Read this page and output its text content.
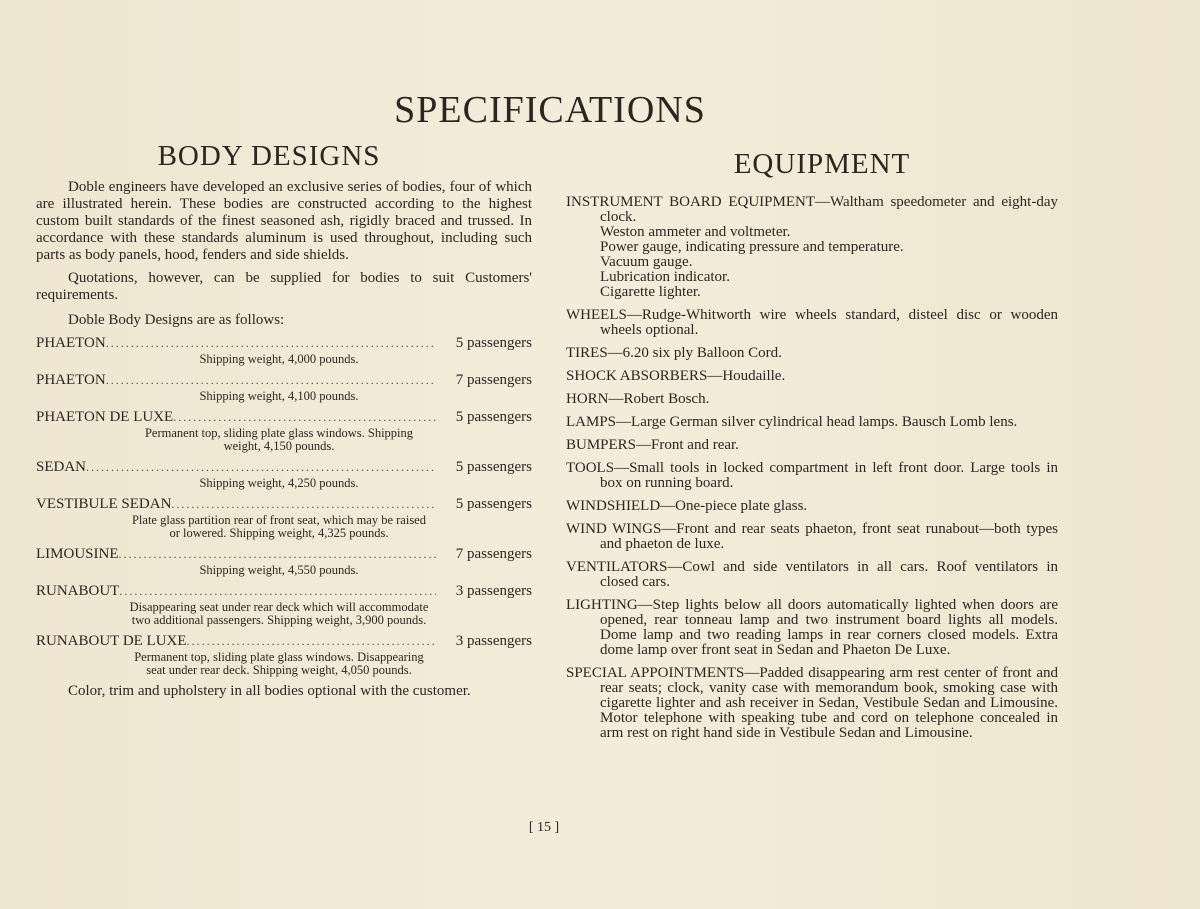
SPECIFICATIONS
BODY DESIGNS

Doble engineers have developed an exclusive series of bodies, four of which are illustrated herein. These bodies are constructed according to the highest custom built standards of the finest seasoned ash, rigidly braced and trussed. In accordance with these standards aluminum is used throughout, including such parts as body panels, hood, fenders and side shields.

Quotations, however, can be supplied for bodies to suit Customers' requirements.

Doble Body Designs are as follows:

PHAETON .....	5 passengers
Shipping weight, 4,000 pounds.
PHAETON .....	7 passengers
Shipping weight, 4,100 pounds.
PHAETON DE LUXE .....	5 passengers
Permanent top, sliding plate glass windows. Shipping weight, 4,150 pounds.
SEDAN .....	5 passengers
Shipping weight, 4,250 pounds.
VESTIBULE SEDAN .....	5 passengers
Plate glass partition rear of front seat, which may be raised or lowered. Shipping weight, 4,325 pounds.
LIMOUSINE .....	7 passengers
Shipping weight, 4,550 pounds.
RUNABOUT .....	3 passengers
Disappearing seat under rear deck which will accommodate two additional passengers. Shipping weight, 3,900 pounds.
RUNABOUT DE LUXE .....	3 passengers
Permanent top, sliding plate glass windows. Disappearing seat under rear deck. Shipping weight, 4,050 pounds.

Color, trim and upholstery in all bodies optional with the customer.

EQUIPMENT
INSTRUMENT BOARD EQUIPMENT—Waltham speedometer and eight-day clock.
Weston ammeter and voltmeter.
Power gauge, indicating pressure and temperature.
Vacuum gauge.
Lubrication indicator.
Cigarette lighter.
WHEELS—Rudge-Whitworth wire wheels standard, disteel disc or wooden wheels optional.
TIRES—6.20 six ply Balloon Cord.
SHOCK ABSORBERS—Houdaille.
HORN—Robert Bosch.
LAMPS—Large German silver cylindrical head lamps. Bausch Lomb lens.
BUMPERS—Front and rear.
TOOLS—Small tools in locked compartment in left front door. Large tools in box on running board.
WINDSHIELD—One-piece plate glass.
WIND WINGS—Front and rear seats phaeton, front seat runabout—both types and phaeton de luxe.
VENTILATORS—Cowl and side ventilators in all cars. Roof ventilators in closed cars.
LIGHTING—Step lights below all doors automatically lighted when doors are opened, rear tonneau lamp and two instrument board lights all models. Dome lamp and two reading lamps in rear corners closed models. Extra dome lamp over front seat in Sedan and Phaeton De Luxe.
SPECIAL APPOINTMENTS—Padded disappearing arm rest center of front and rear seats; clock, vanity case with memorandum book, smoking case with cigarette lighter and ash receiver in Sedan, Vestibule Sedan and Limousine. Motor telephone with speaking tube and cord on telephone concealed in arm rest on right hand side in Vestibule Sedan and Limousine.
[ 15 ]
